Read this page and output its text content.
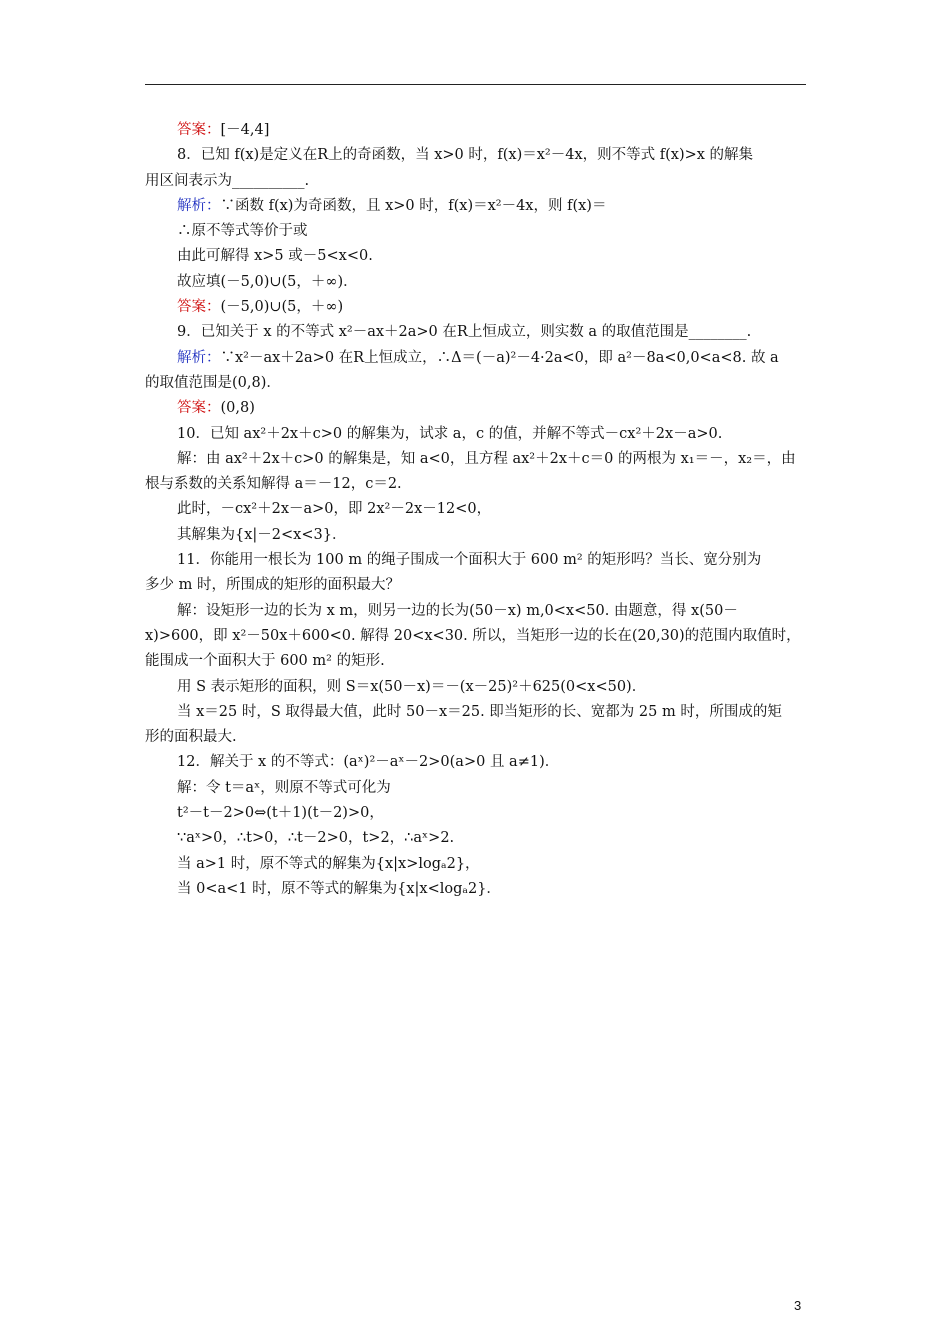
答案：[－4,4]
8．已知 f(x)是定义在R上的奇函数，当 x>0 时，f(x)＝x²－4x，则不等式 f(x)>x 的解集
用区间表示为__________.
解析：∵函数 f(x)为奇函数，且 x>0 时，f(x)＝x²－4x，则 f(x)＝
∴原不等式等价于或
由此可解得 x>5 或－5<x<0.
故应填(－5,0)∪(5，＋∞)．
答案：(－5,0)∪(5，＋∞)
9．已知关于 x 的不等式 x²－ax＋2a>0 在R上恒成立，则实数 a 的取值范围是________.
解析：∵x²－ax＋2a>0 在R上恒成立，∴Δ＝(－a)²－4·2a<0，即 a²－8a<0,0<a<8. 故 a
的取值范围是(0,8)．
答案：(0,8)
10．已知 ax²＋2x＋c>0 的解集为，试求 a，c 的值，并解不等式－cx²＋2x－a>0.
解：由 ax²＋2x＋c>0 的解集是，知 a<0，且方程 ax²＋2x＋c＝0 的两根为 x₁＝－，x₂＝，由
根与系数的关系知解得 a＝－12，c＝2.
此时，－cx²＋2x－a>0，即 2x²－2x－12<0，
其解集为{x|－2<x<3}．
11．你能用一根长为 100 m 的绳子围成一个面积大于 600 m² 的矩形吗？当长、宽分别为
多少 m 时，所围成的矩形的面积最大？
解：设矩形一边的长为 x m，则另一边的长为(50－x) m,0<x<50. 由题意，得 x(50－
x)>600，即 x²－50x＋600<0. 解得 20<x<30. 所以，当矩形一边的长在(20,30)的范围内取值时，
能围成一个面积大于 600 m² 的矩形.
用 S 表示矩形的面积，则 S＝x(50－x)＝－(x－25)²＋625(0<x<50)．
当 x＝25 时，S 取得最大值，此时 50－x＝25. 即当矩形的长、宽都为 25 m 时，所围成的矩
形的面积最大.
12．解关于 x 的不等式：(aˣ)²－aˣ－2>0(a>0 且 a≠1)．
解：令 t＝aˣ，则原不等式可化为
t²－t－2>0⇔(t＋1)(t－2)>0，
∵aˣ>0，∴t>0，∴t－2>0，t>2，∴aˣ>2.
当 a>1 时，原不等式的解集为{x|x>logₐ2}，
当 0<a<1 时，原不等式的解集为{x|x<logₐ2}．
3
